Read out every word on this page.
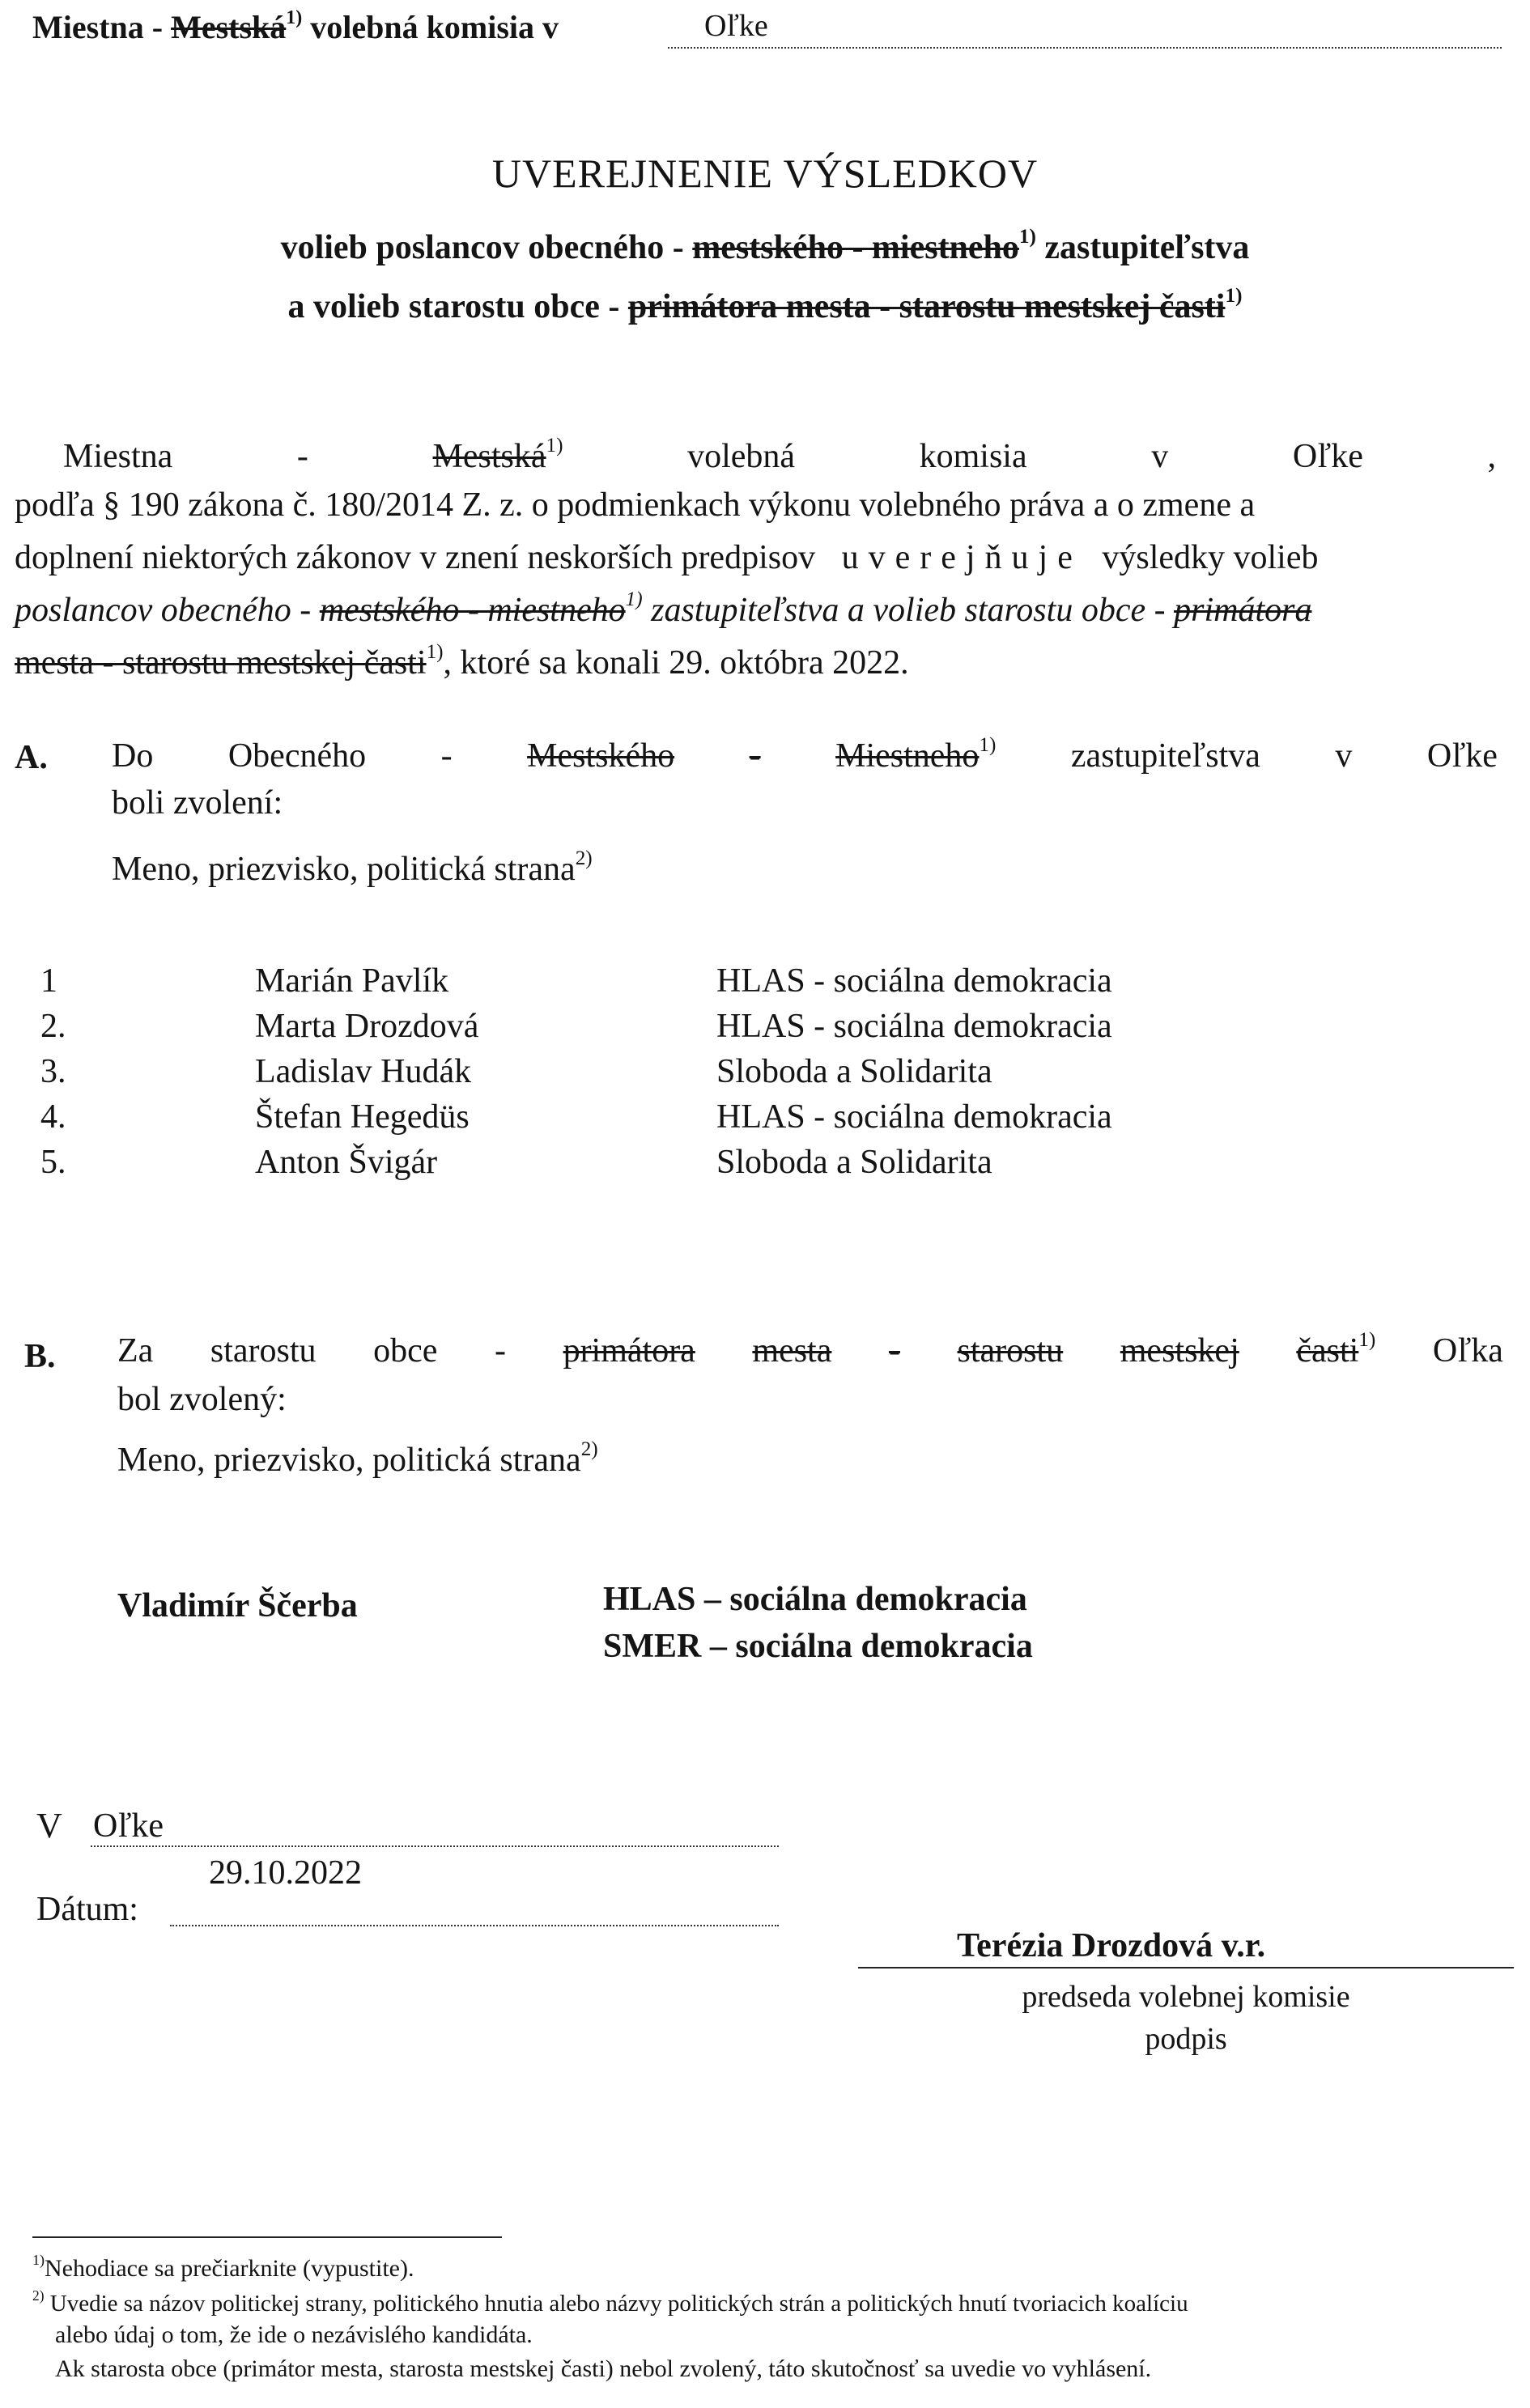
Miestna - Mestská$^{1)}$ volebná komisia v	Oľke
UVEREJNENIE VÝSLEDKOV
volieb poslancov obecného - mestského - miestneho$^{1)}$ zastupiteľstva
a volieb starostu obce - primátora mesta - starostu mestskej časti$^{1)}$
Miestna	-	Mestská$^{1)}$	volebná	komisia	v	Oľke	,
podľa § 190 zákona č. 180/2014 Z. z. o podmienkach výkonu volebného práva a o zmene a
doplnení niektorých zákonov v znení neskorších predpisov uverejňuje výsledky volieb
poslancov obecného - mestského - miestneho$^{1)}$ zastupiteľstva a volieb starostu obce - primátora
mesta - starostu mestskej časti$^{1)}$, ktoré sa konali 29. októbra 2022.
A. Do Obecného - Mestského - Miestneho$^{1)}$ zastupiteľstva v Oľke
boli zvolení:
Meno, priezvisko, politická strana$^{2)}$
1	Marián Pavlík	HLAS - sociálna demokracia
2.	Marta Drozdová	HLAS - sociálna demokracia
3.	Ladislav Hudák	Sloboda a Solidarita
4.	Štefan Hegedüs	HLAS - sociálna demokracia
5.	Anton Švigár	Sloboda a Solidarita
B. Za starostu obce - primátora mesta - starostu mestskej časti$^{1)}$ Oľka
bol zvolený:
Meno, priezvisko, politická strana$^{2)}$
Vladimír Ščerba	HLAS – sociálna demokracia
SMER – sociálna demokracia
V Oľke
29.10.2022
Dátum:
Terézia Drozdová v.r.
predseda volebnej komisie
podpis
$^{1)}$Nehodiace sa prečiarknite (vypustite).
$^{2)}$ Uvedie sa názov politickej strany, politického hnutia alebo názvy politických strán a politických hnutí tvoriacich koalíciu
alebo údaj o tom, že ide o nezávislého kandidáta.
Ak starosta obce (primátor mesta, starosta mestskej časti) nebol zvolený, táto skutočnosť sa uvedie vo vyhlásení.
